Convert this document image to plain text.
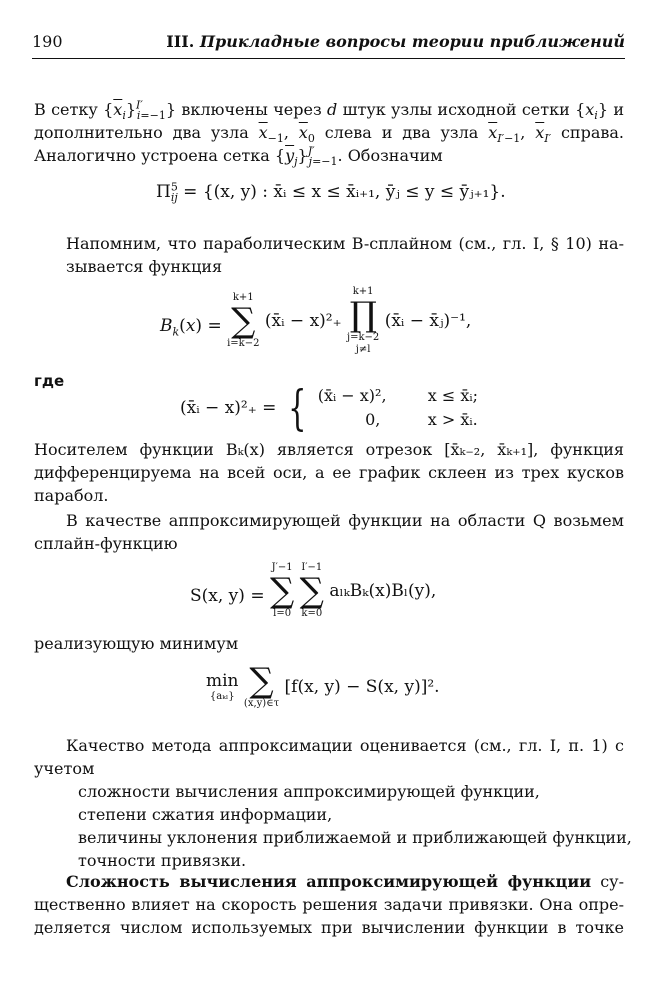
190	III. Прикладные вопросы теории приближений
В сетку $\{\overline{x}_i\}^{I'}_{i=-1}$} включены через d штук узлы исходной сетки $\{x_i\}$ и
дополнительно два узла $\overline{x}_{-1}$, $\overline{x}_0$ слева и два узла $\overline{x}_{I'-1}$, $\overline{x}_{I'}$ справа.
Аналогично устроена сетка $\{\overline{y}_j\}^{J'}_{j=-1}$. Обозначим
$\Pi^5_{ij} = \{(x$, y) : x̄ᵢ ≤ x ≤ x̄ᵢ₊₁, ȳⱼ ≤ y ≤ ȳⱼ₊₁}.
Напомним, что параболическим B-сплайном (см., гл. I, § 10) на-
зывается функция
$B_k(x)$ =
k+1
∑
i=k−2
(x̄ᵢ − x)²₊
k+1
∏
j=k−2
j≠l
(x̄ᵢ − x̄ⱼ)⁻¹,
где
(x̄ᵢ − x)²₊ = { (x̄ᵢ − x)²,	x ≤ x̄ᵢ;
0,	x > x̄ᵢ.
Носителем функции Bₖ(x) является отрезок [x̄ₖ₋₂, x̄ₖ₊₁], функция
дифференцируема на всей оси, а ее график склеен из трех кусков
парабол.
В качестве аппроксимирующей функции на области Q возьмем
сплайн-функцию
S(x, y) =
J′−1
∑
l=0

I′−1
∑
k=0
aₗₖBₖ(x)Bₗ(y),
реализующую минимум
min
{aₖₗ}
∑
(x,y)∈τ
[f(x, y) − S(x, y)]².
Качество метода аппроксимации оценивается (см., гл. I, п. 1) с
учетом
сложности вычисления аппроксимирующей функции,
степени сжатия информации,
величины уклонения приближаемой и приближающей функции,
точности привязки.
Сложность вычисления аппроксимирующей функции су-
щественно влияет на скорость решения задачи привязки. Она опре-
деляется числом используемых при вычислении функции в точке
